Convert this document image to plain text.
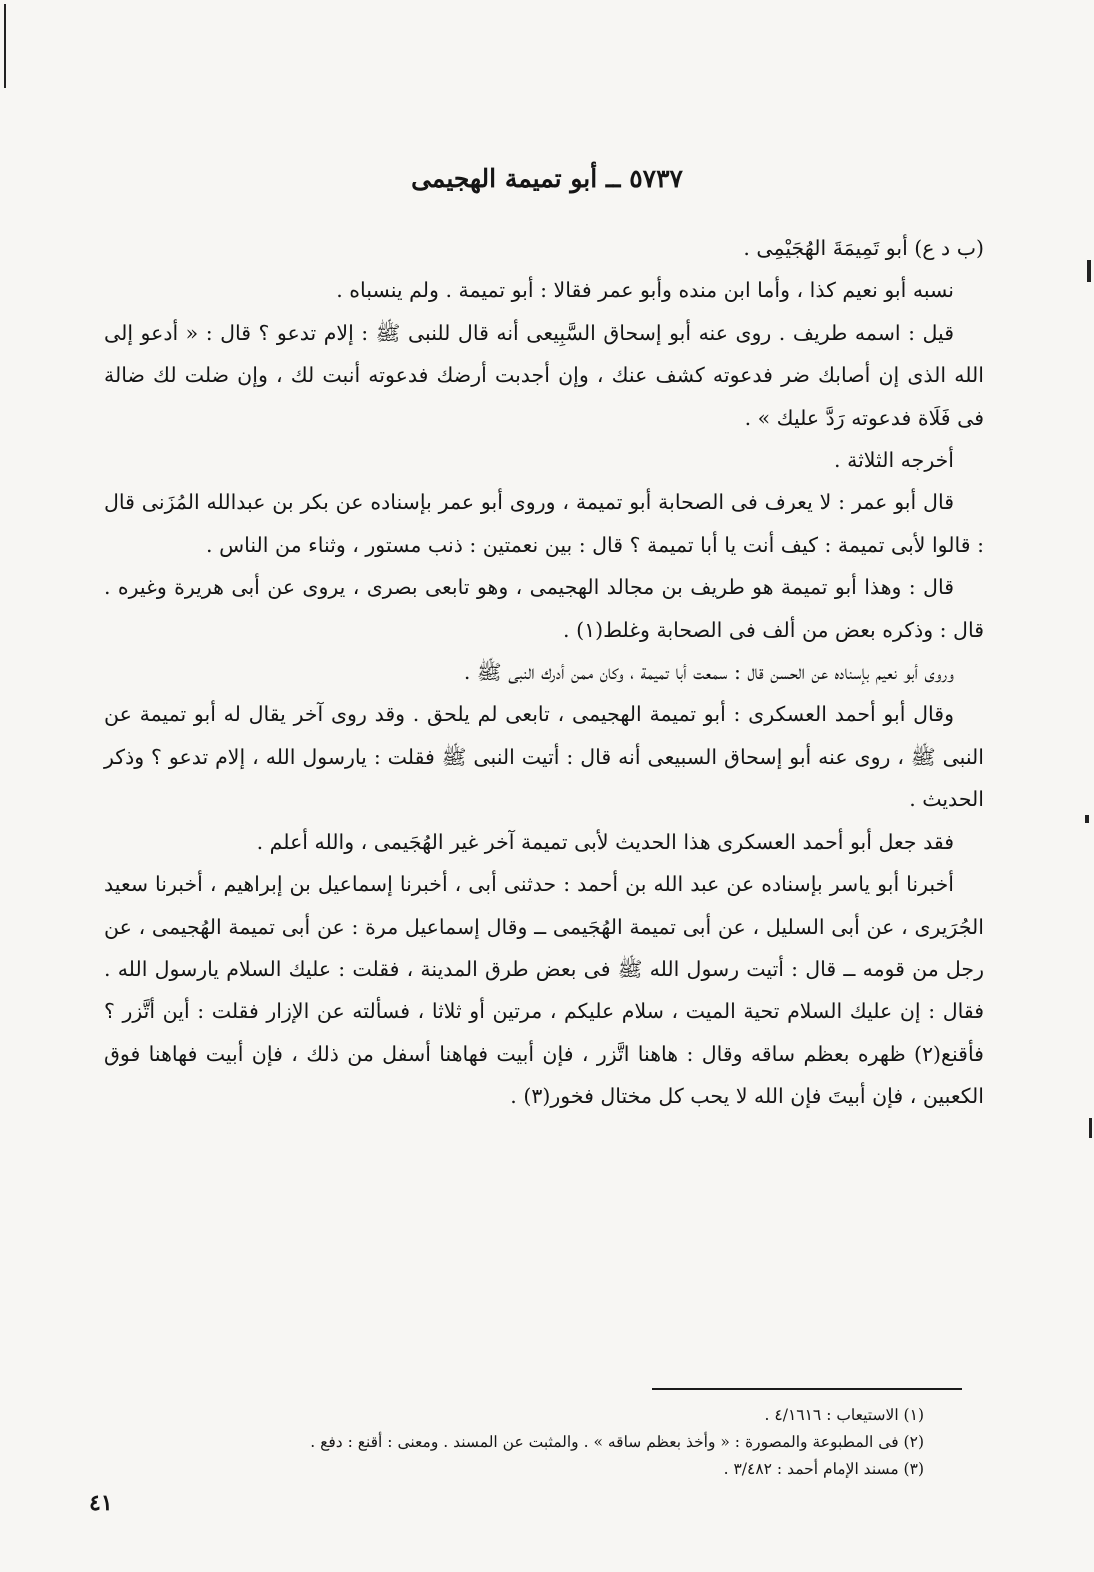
٥٧٣٧ ــ أبو تميمة الهجيمى

(ب د ع) أبو تَمِيمَةَ الهُجَيْمِى .

نسبه أبو نعيم كذا ، وأما ابن منده وأبو عمر فقالا : أبو تميمة . ولم ينسباه .

قيل : اسمه طريف . روى عنه أبو إسحاق السَّبِيعى أنه قال للنبى ﷺ : إلام تدعو ؟ قال : « أدعو إلى الله الذى إن أصابك ضر فدعوته كشف عنك ، وإن أجدبت أرضك فدعوته أنبت لك ، وإن ضلت لك ضالة فى فَلَاة فدعوته رَدَّ عليك » .

أخرجه الثلاثة .

قال أبو عمر : لا يعرف فى الصحابة أبو تميمة ، وروى أبو عمر بإسناده عن بكر بن عبدالله المُزَنى قال : قالوا لأبى تميمة : كيف أنت يا أبا تميمة ؟ قال : بين نعمتين : ذنب مستور ، وثناء من الناس .

قال : وهذا أبو تميمة هو طريف بن مجالد الهجيمى ، وهو تابعى بصرى ، يروى عن أبى هريرة وغيره . قال : وذكره بعض من ألف فى الصحابة وغلط(١) .

وروى أبو نعيم بإسناده عن الحسن قال : سمعت أبا تميمة ، وكان ممن أدرك النبى ﷺ .

وقال أبو أحمد العسكرى : أبو تميمة الهجيمى ، تابعى لم يلحق . وقد روى آخر يقال له أبو تميمة عن النبى ﷺ ، روى عنه أبو إسحاق السبيعى أنه قال : أتيت النبى ﷺ فقلت : يارسول الله ، إلام تدعو ؟ وذكر الحديث .

فقد جعل أبو أحمد العسكرى هذا الحديث لأبى تميمة آخر غير الهُجَيمى ، والله أعلم .

أخبرنا أبو ياسر بإسناده عن عبد الله بن أحمد : حدثنى أبى ، أخبرنا إسماعيل بن إبراهيم ، أخبرنا سعيد الجُرَيرى ، عن أبى السليل ، عن أبى تميمة الهُجَيمى ــ وقال إسماعيل مرة : عن أبى تميمة الهُجيمى ، عن رجل من قومه ــ قال : أتيت رسول الله ﷺ فى بعض طرق المدينة ، فقلت : عليك السلام يارسول الله . فقال : إن عليك السلام تحية الميت ، سلام عليكم ، مرتين أو ثلاثا ، فسألته عن الإزار فقلت : أين أتَّزر ؟ فأقنع(٢) ظهره بعظم ساقه وقال : هاهنا اتَّزر ، فإن أبيت فهاهنا أسفل من ذلك ، فإن أبيت فهاهنا فوق الكعبين ، فإن أبيتَ فإن الله لا يحب كل مختال فخور(٣) .

(١) الاستيعاب : ٤/١٦١٦ .

(٢) فى المطبوعة والمصورة : « وأخذ بعظم ساقه » . والمثبت عن المسند . ومعنى : أقنع : دفع .

(٣) مسند الإمام أحمد : ٣/٤٨٢ .

٤١
